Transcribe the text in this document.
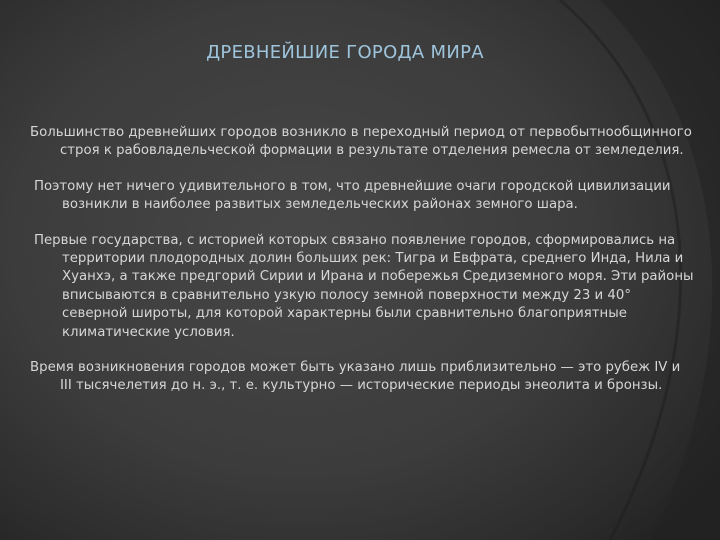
ДРЕВНЕЙШИЕ ГОРОДА МИРА

Большинство древнейших городов возникло в переходный период от первобытнообщинного строя к рабовладельческой формации в результате отделения ремесла от земледелия.

Поэтому нет ничего удивительного в том, что древнейшие очаги городской цивилизации возникли в наиболее развитых земледельческих районах земного шара.

Первые государства, с историей которых связано появление городов, сформировались на территории плодородных долин больших рек: Тигра и Евфрата, среднего Инда, Нила и Хуанхэ, а также предгорий Сирии и Ирана и побережья Средиземного моря. Эти районы вписываются в сравнительно узкую полосу земной поверхности между 23 и 40° северной широты, для которой характерны были сравнительно благоприятные климатические условия.

Время возникновения городов может быть указано лишь приблизительно — это рубеж IV и III тысячелетия до н. э., т. е. культурно — исторические периоды энеолита и бронзы.
